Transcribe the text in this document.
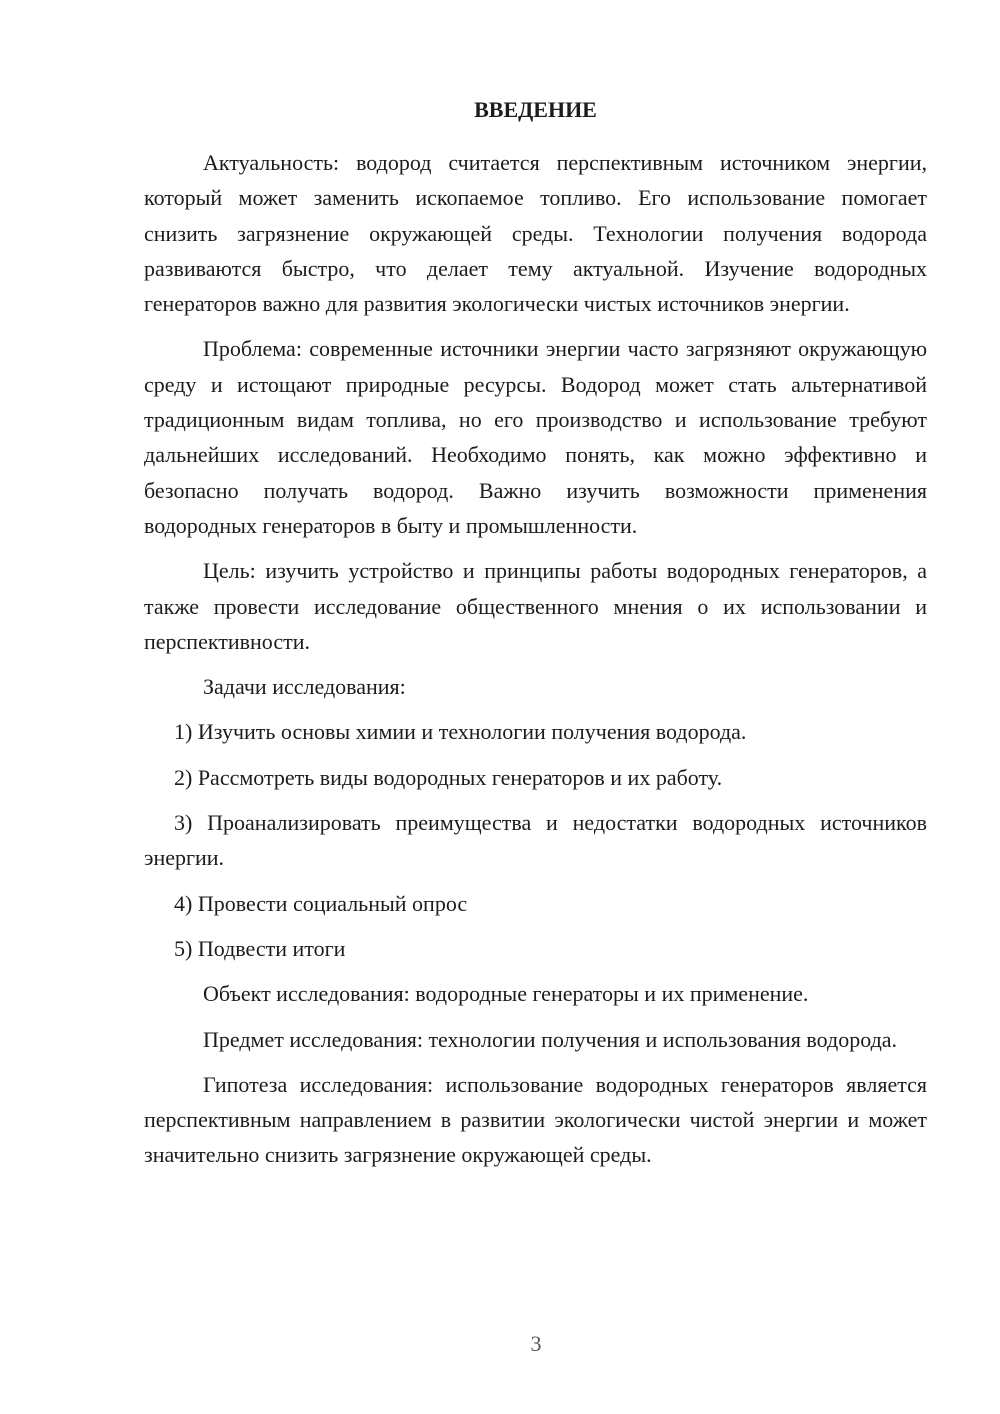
ВВЕДЕНИЕ

Актуальность: водород считается перспективным источником энергии, который может заменить ископаемое топливо. Его использование помогает снизить загрязнение окружающей среды. Технологии получения водорода развиваются быстро, что делает тему актуальной. Изучение водородных генераторов важно для развития экологически чистых источников энергии.

Проблема: современные источники энергии часто загрязняют окружающую среду и истощают природные ресурсы. Водород может стать альтернативой традиционным видам топлива, но его производство и использование требуют дальнейших исследований. Необходимо понять, как можно эффективно и безопасно получать водород. Важно изучить возможности применения водородных генераторов в быту и промышленности.

Цель: изучить устройство и принципы работы водородных генераторов, а также провести исследование общественного мнения о их использовании и перспективности.

Задачи исследования:

1) Изучить основы химии и технологии получения водорода.

2) Рассмотреть виды водородных генераторов и их работу.

3) Проанализировать преимущества и недостатки водородных источников энергии.

4) Провести социальный опрос

5) Подвести итоги

Объект исследования: водородные генераторы и их применение.

Предмет исследования: технологии получения и использования водорода.

Гипотеза исследования: использование водородных генераторов является перспективным направлением в развитии экологически чистой энергии и может значительно снизить загрязнение окружающей среды.

3
